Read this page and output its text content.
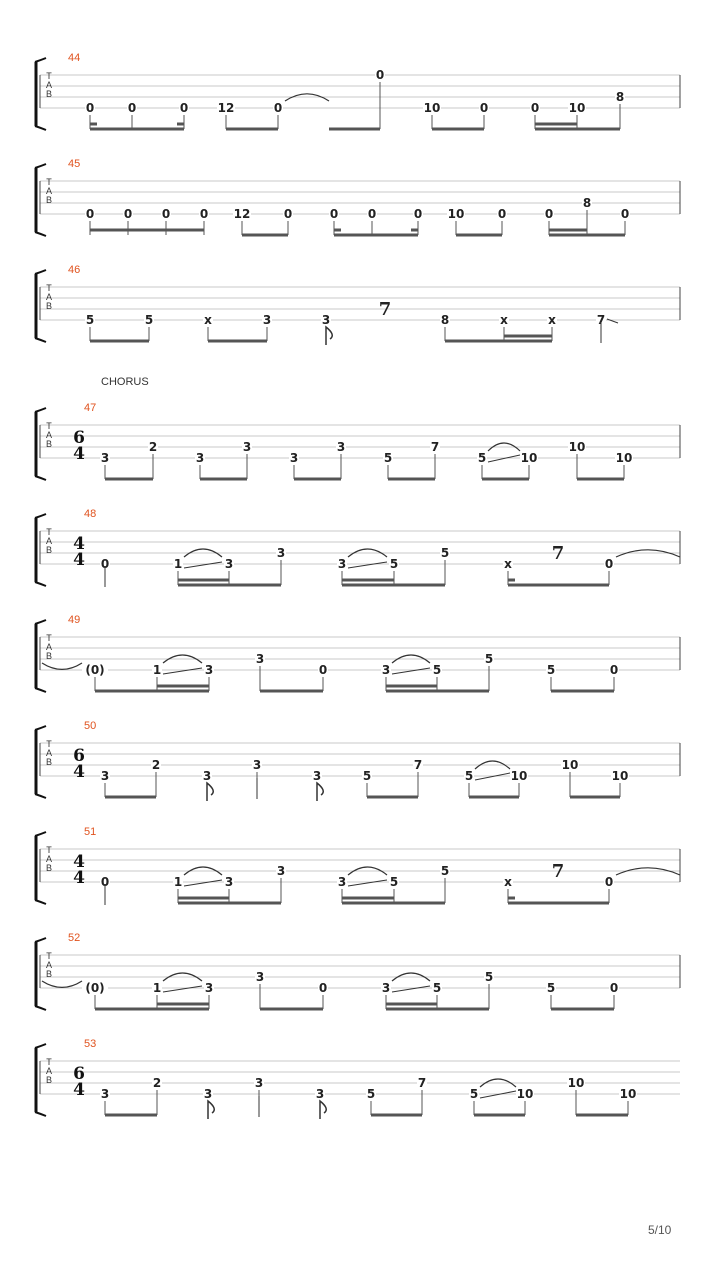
CHORUS
5/10
T
A
B
44
0	0	0 12	0
0
10	0	0 10
8
T
A
B
45
0 0 0 0 12	0	0 0	0 10	0	0
8
0
T
A
B
46
5	5	x	3	3	8	x	x	7
7
T
A
B
47
6
4 3
2
3
3
3
3
5
7
5	10
10
10
T
A
B
48
4
4 0	1	3
3
3	5
5
x	0
7
T
A
B
49
(0)	1	3
3
0	3	5
5
5	0
T
A
B
50
6
4 3
2
3
3
3	5
7
5	10
10
10
T
A
B
51
4
4 0	1	3
3
3	5
5
x	0
7
T
A
B
52
(0)	1	3
3
0	3	5
5
5	0
T
A
B
53
6
4 3
2
3
3
3	5
7
5	10
10
10
